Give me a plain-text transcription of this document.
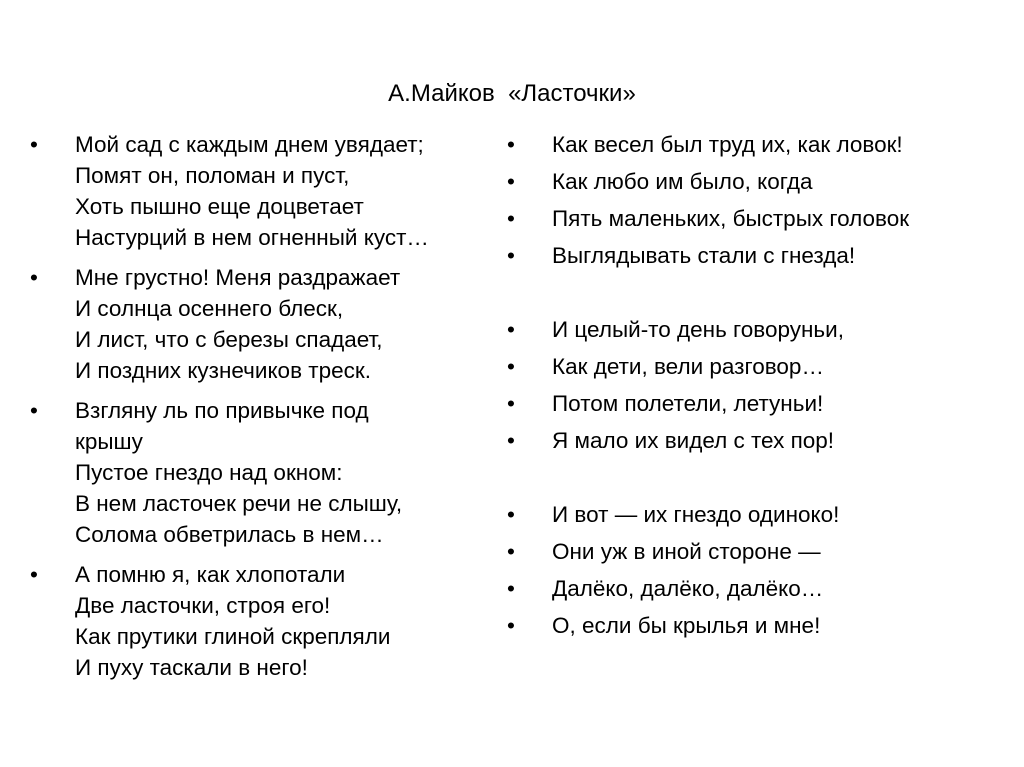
А.Майков  «Ласточки»
•	Мой сад с каждым днем увядает;
Помят он, поломан и пуст,
Хоть пышно еще доцветает
Настурций в нем огненный куст…
•	Мне грустно! Меня раздражает
И солнца осеннего блеск,
И лист, что с березы спадает,
И поздних кузнечиков треск.
•	Взгляну ль по привычке под
крышу
Пустое гнездо над окном:
В нем ласточек речи не слышу,
Солома обветрилась в нем…
•	А помню я, как хлопотали
Две ласточки, строя его!
Как прутики глиной скрепляли
И пуху таскали в него!
•	Как весел был труд их, как ловок!
•	Как любо им было, когда
•	Пять маленьких, быстрых головок
•	Выглядывать стали с гнезда!
•	И целый-то день говоруньи,
•	Как дети, вели разговор…
•	Потом полетели, летуньи!
•	Я мало их видел с тех пор!
•	И вот — их гнездо одиноко!
•	Они уж в иной стороне —
•	Далёко, далёко, далёко…
•	О, если бы крылья и мне!
